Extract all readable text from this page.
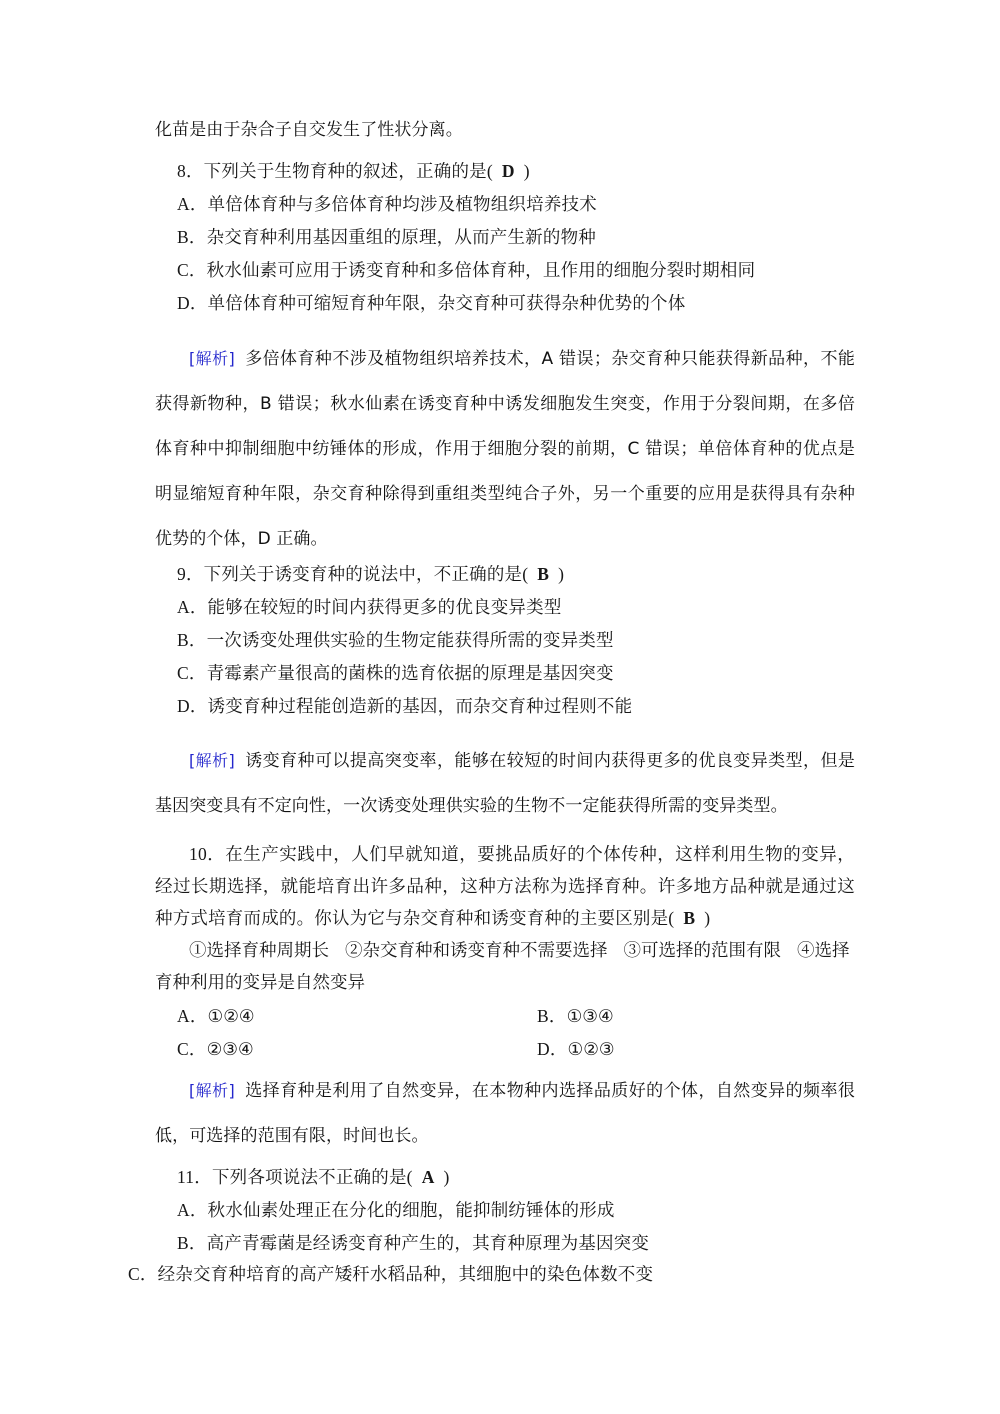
化苗是由于杂合子自交发生了性状分离。
8．下列关于生物育种的叙述，正确的是( D )
A．单倍体育种与多倍体育种均涉及植物组织培养技术
B．杂交育种利用基因重组的原理，从而产生新的物种
C．秋水仙素可应用于诱变育种和多倍体育种，且作用的细胞分裂时期相同
D．单倍体育种可缩短育种年限，杂交育种可获得杂种优势的个体
[解析] 多倍体育种不涉及植物组织培养技术，A 错误；杂交育种只能获得新品种，不能获得新物种，B 错误；秋水仙素在诱变育种中诱发细胞发生突变，作用于分裂间期，在多倍体育种中抑制细胞中纺锤体的形成，作用于细胞分裂的前期，C 错误；单倍体育种的优点是明显缩短育种年限，杂交育种除得到重组类型纯合子外，另一个重要的应用是获得具有杂种优势的个体，D 正确。
9．下列关于诱变育种的说法中，不正确的是( B )
A．能够在较短的时间内获得更多的优良变异类型
B．一次诱变处理供实验的生物定能获得所需的变异类型
C．青霉素产量很高的菌株的选育依据的原理是基因突变
D．诱变育种过程能创造新的基因，而杂交育种过程则不能
[解析] 诱变育种可以提高突变率，能够在较短的时间内获得更多的优良变异类型，但是基因突变具有不定向性，一次诱变处理供实验的生物不一定能获得所需的变异类型。
10．在生产实践中，人们早就知道，要挑品质好的个体传种，这样利用生物的变异，经过长期选择，就能培育出许多品种，这种方法称为选择育种。许多地方品种就是通过这种方式培育而成的。你认为它与杂交育种和诱变育种的主要区别是( B )
①选择育种周期长 ②杂交育种和诱变育种不需要选择 ③可选择的范围有限 ④选择育种利用的变异是自然变异
A．①②④	B．①③④
C．②③④	D．①②③
[解析] 选择育种是利用了自然变异，在本物种内选择品质好的个体，自然变异的频率很低，可选择的范围有限，时间也长。
11．下列各项说法不正确的是( A )
A．秋水仙素处理正在分化的细胞，能抑制纺锤体的形成
B．高产青霉菌是经诱变育种产生的，其育种原理为基因突变
C．经杂交育种培育的高产矮秆水稻品种，其细胞中的染色体数不变
